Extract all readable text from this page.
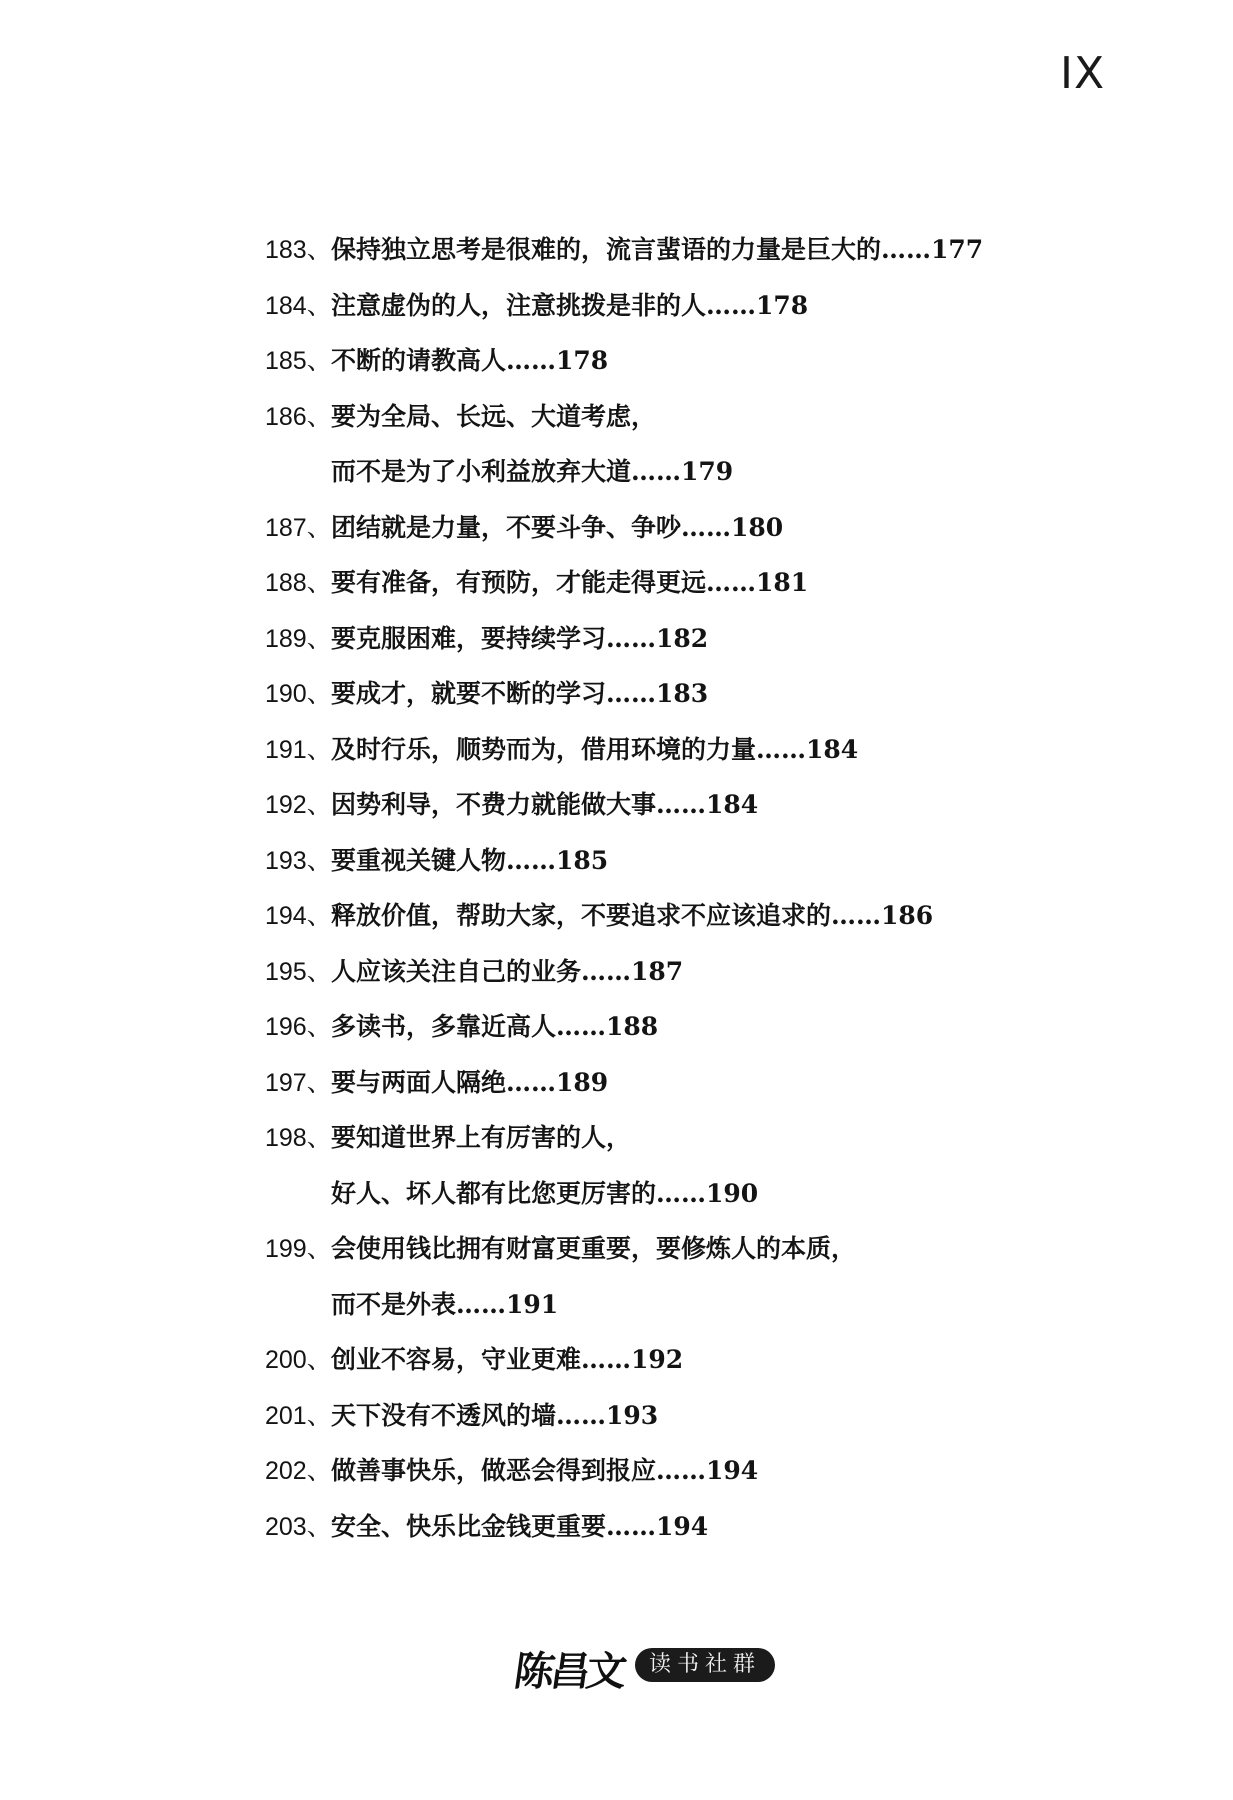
IX
183、保持独立思考是很难的，流言蜚语的力量是巨大的……177
184、注意虚伪的人，注意挑拨是非的人……178
185、不断的请教高人……178
186、要为全局、长远、大道考虑，
而不是为了小利益放弃大道……179
187、团结就是力量，不要斗争、争吵……180
188、要有准备，有预防，才能走得更远……181
189、要克服困难，要持续学习……182
190、要成才，就要不断的学习……183
191、及时行乐，顺势而为，借用环境的力量……184
192、因势利导，不费力就能做大事……184
193、要重视关键人物……185
194、释放价值，帮助大家，不要追求不应该追求的……186
195、人应该关注自己的业务……187
196、多读书，多靠近高人……188
197、要与两面人隔绝……189
198、要知道世界上有厉害的人，
好人、坏人都有比您更厉害的……190
199、会使用钱比拥有财富更重要，要修炼人的本质，
而不是外表……191
200、创业不容易，守业更难……192
201、天下没有不透风的墙……193
202、做善事快乐，做恶会得到报应……194
203、安全、快乐比金钱更重要……194
陈昌文	读书社群
